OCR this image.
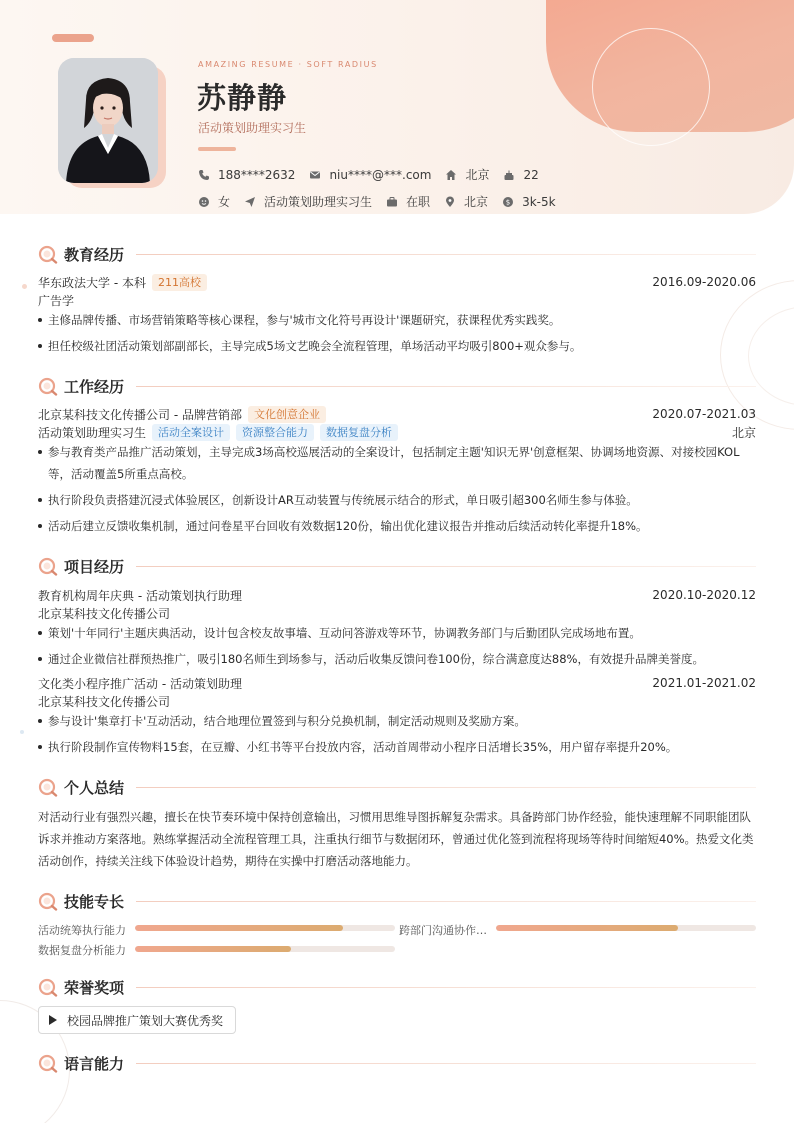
AMAZING RESUME · SOFT RADIUS
苏静静
活动策划助理实习生
188****2632	niu****@***.com	北京	22
女	活动策划助理实习生	在职	北京	$ 3k-5k
教育经历
华东政法大学 - 本科	211高校	2016.09-2020.06
广告学
主修品牌传播、市场营销策略等核心课程，参与'城市文化符号再设计'课题研究，获课程优秀实践奖。
担任校级社团活动策划部副部长，主导完成5场文艺晚会全流程管理，单场活动平均吸引800+观众参与。
工作经历
北京某科技文化传播公司 - 品牌营销部	文化创意企业	2020.07-2021.03
活动策划助理实习生	活动全案设计	资源整合能力	数据复盘分析	北京
参与教育类产品推广活动策划，主导完成3场高校巡展活动的全案设计，包括制定主题'知识无界'创意框架、协调场地资源、对接校园KOL等，活动覆盖5所重点高校。
执行阶段负责搭建沉浸式体验展区，创新设计AR互动装置与传统展示结合的形式，单日吸引超300名师生参与体验。
活动后建立反馈收集机制，通过问卷星平台回收有效数据120份，输出优化建议报告并推动后续活动转化率提升18%。
项目经历
教育机构周年庆典 - 活动策划执行助理	2020.10-2020.12
北京某科技文化传播公司
策划'十年同行'主题庆典活动，设计包含校友故事墙、互动问答游戏等环节，协调教务部门与后勤团队完成场地布置。
通过企业微信社群预热推广，吸引180名师生到场参与，活动后收集反馈问卷100份，综合满意度达88%，有效提升品牌美誉度。
文化类小程序推广活动 - 活动策划助理	2021.01-2021.02
北京某科技文化传播公司
参与设计'集章打卡'互动活动，结合地理位置签到与积分兑换机制，制定活动规则及奖励方案。
执行阶段制作宣传物料15套，在豆瓣、小红书等平台投放内容，活动首周带动小程序日活增长35%，用户留存率提升20%。
个人总结
对活动行业有强烈兴趣，擅长在快节奏环境中保持创意输出，习惯用思维导图拆解复杂需求。具备跨部门协作经验，能快速理解不同职能团队诉求并推动方案落地。熟练掌握活动全流程管理工具，注重执行细节与数据闭环，曾通过优化签到流程将现场等待时间缩短40%。热爱文化类活动创作，持续关注线下体验设计趋势，期待在实操中打磨活动落地能力。
技能专长
活动统筹执行能力	跨部门沟通协作…
数据复盘分析能力
荣誉奖项
校园品牌推广策划大赛优秀奖
语言能力
